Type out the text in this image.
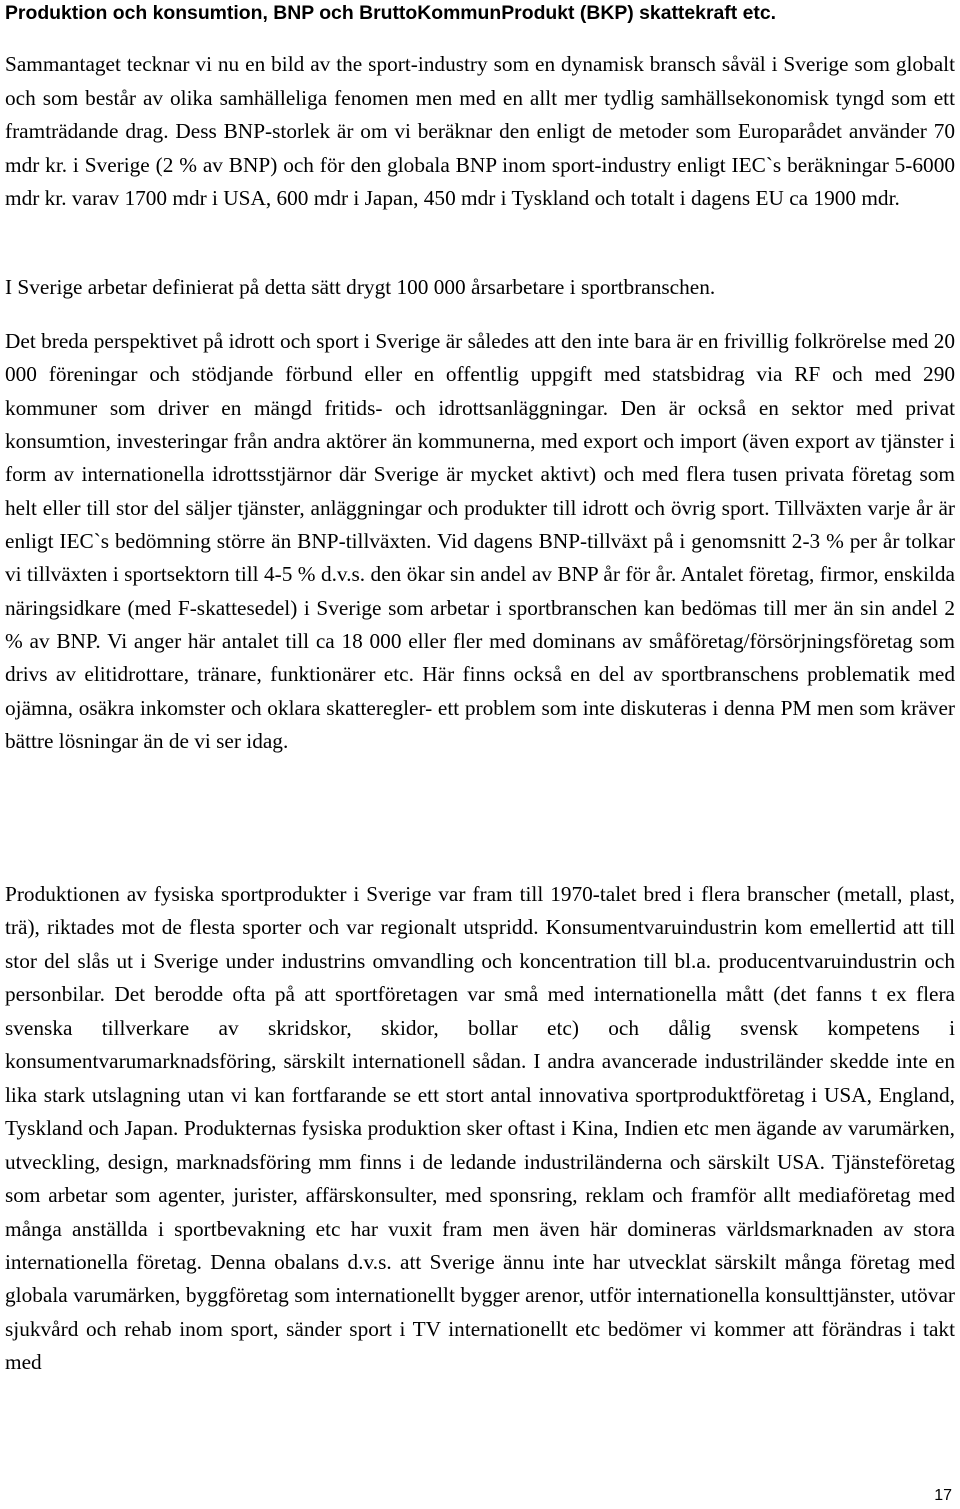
Produktion och konsumtion, BNP och BruttoKommunProdukt (BKP) skattekraft etc.

Sammantaget tecknar vi nu en bild av the sport-industry som en dynamisk bransch såväl i Sverige som globalt och som består av olika samhälleliga fenomen men med en allt mer tydlig samhällsekonomisk tyngd som ett framträdande drag. Dess BNP-storlek är om vi beräknar den enligt de metoder som Europarådet använder 70 mdr kr. i Sverige (2 % av BNP) och för den globala BNP inom sport-industry enligt IEC`s beräkningar 5-6000 mdr kr. varav 1700 mdr i USA, 600 mdr i Japan, 450 mdr i Tyskland och totalt i dagens EU ca 1900 mdr.

I Sverige arbetar definierat på detta sätt drygt 100 000 årsarbetare i sportbranschen.

Det breda perspektivet på idrott och sport i Sverige är således att den inte bara är en frivillig folkrörelse med 20 000 föreningar och stödjande förbund eller en offentlig uppgift med statsbidrag via RF och med 290 kommuner som driver en mängd fritids- och idrottsanläggningar. Den är också en sektor med privat konsumtion, investeringar från andra aktörer än kommunerna, med export och import (även export av tjänster i form av internationella idrottsstjärnor där Sverige är mycket aktivt) och med flera tusen privata företag som helt eller till stor del säljer tjänster, anläggningar och produkter till idrott och övrig sport. Tillväxten varje år är enligt IEC`s bedömning större än BNP-tillväxten. Vid dagens BNP-tillväxt på i genomsnitt 2-3 % per år tolkar vi tillväxten i sportsektorn till 4-5 % d.v.s. den ökar sin andel av BNP år för år. Antalet företag, firmor, enskilda näringsidkare (med F-skattesedel) i Sverige som arbetar i sportbranschen kan bedömas till mer än sin andel 2 % av BNP. Vi anger här antalet till ca 18 000 eller fler med dominans av småföretag/försörjningsföretag som drivs av elitidrottare, tränare, funktionärer etc. Här finns också en del av sportbranschens problematik med ojämna, osäkra inkomster och oklara skatteregler- ett problem som inte diskuteras i denna PM men som kräver bättre lösningar än de vi ser idag.

Produktionen av fysiska sportprodukter i Sverige var fram till 1970-talet bred i flera branscher (metall, plast, trä), riktades mot de flesta sporter och var regionalt utspridd. Konsumentvaruindustrin kom emellertid att till stor del slås ut i Sverige under industrins omvandling och koncentration till bl.a. producentvaruindustrin och personbilar. Det berodde ofta på att sportföretagen var små med internationella mått (det fanns t ex flera svenska tillverkare av skridskor, skidor, bollar etc) och dålig svensk kompetens i konsumentvarumarknadsföring, särskilt internationell sådan. I andra avancerade industriländer skedde inte en lika stark utslagning utan vi kan fortfarande se ett stort antal innovativa sportproduktföretag i USA, England, Tyskland och Japan. Produkternas fysiska produktion sker oftast i Kina, Indien etc men ägande av varumärken, utveckling, design, marknadsföring mm finns i de ledande industriländerna och särskilt USA. Tjänsteföretag som arbetar som agenter, jurister, affärskonsulter, med sponsring, reklam och framför allt mediaföretag med många anställda i sportbevakning etc har vuxit fram men även här domineras världsmarknaden av stora internationella företag. Denna obalans d.v.s. att Sverige ännu inte har utvecklat särskilt många företag med globala varumärken, byggföretag som internationellt bygger arenor, utför internationella konsulttjänster, utövar sjukvård och rehab inom sport, sänder sport i TV internationellt etc bedömer vi kommer att förändras i takt med

17
